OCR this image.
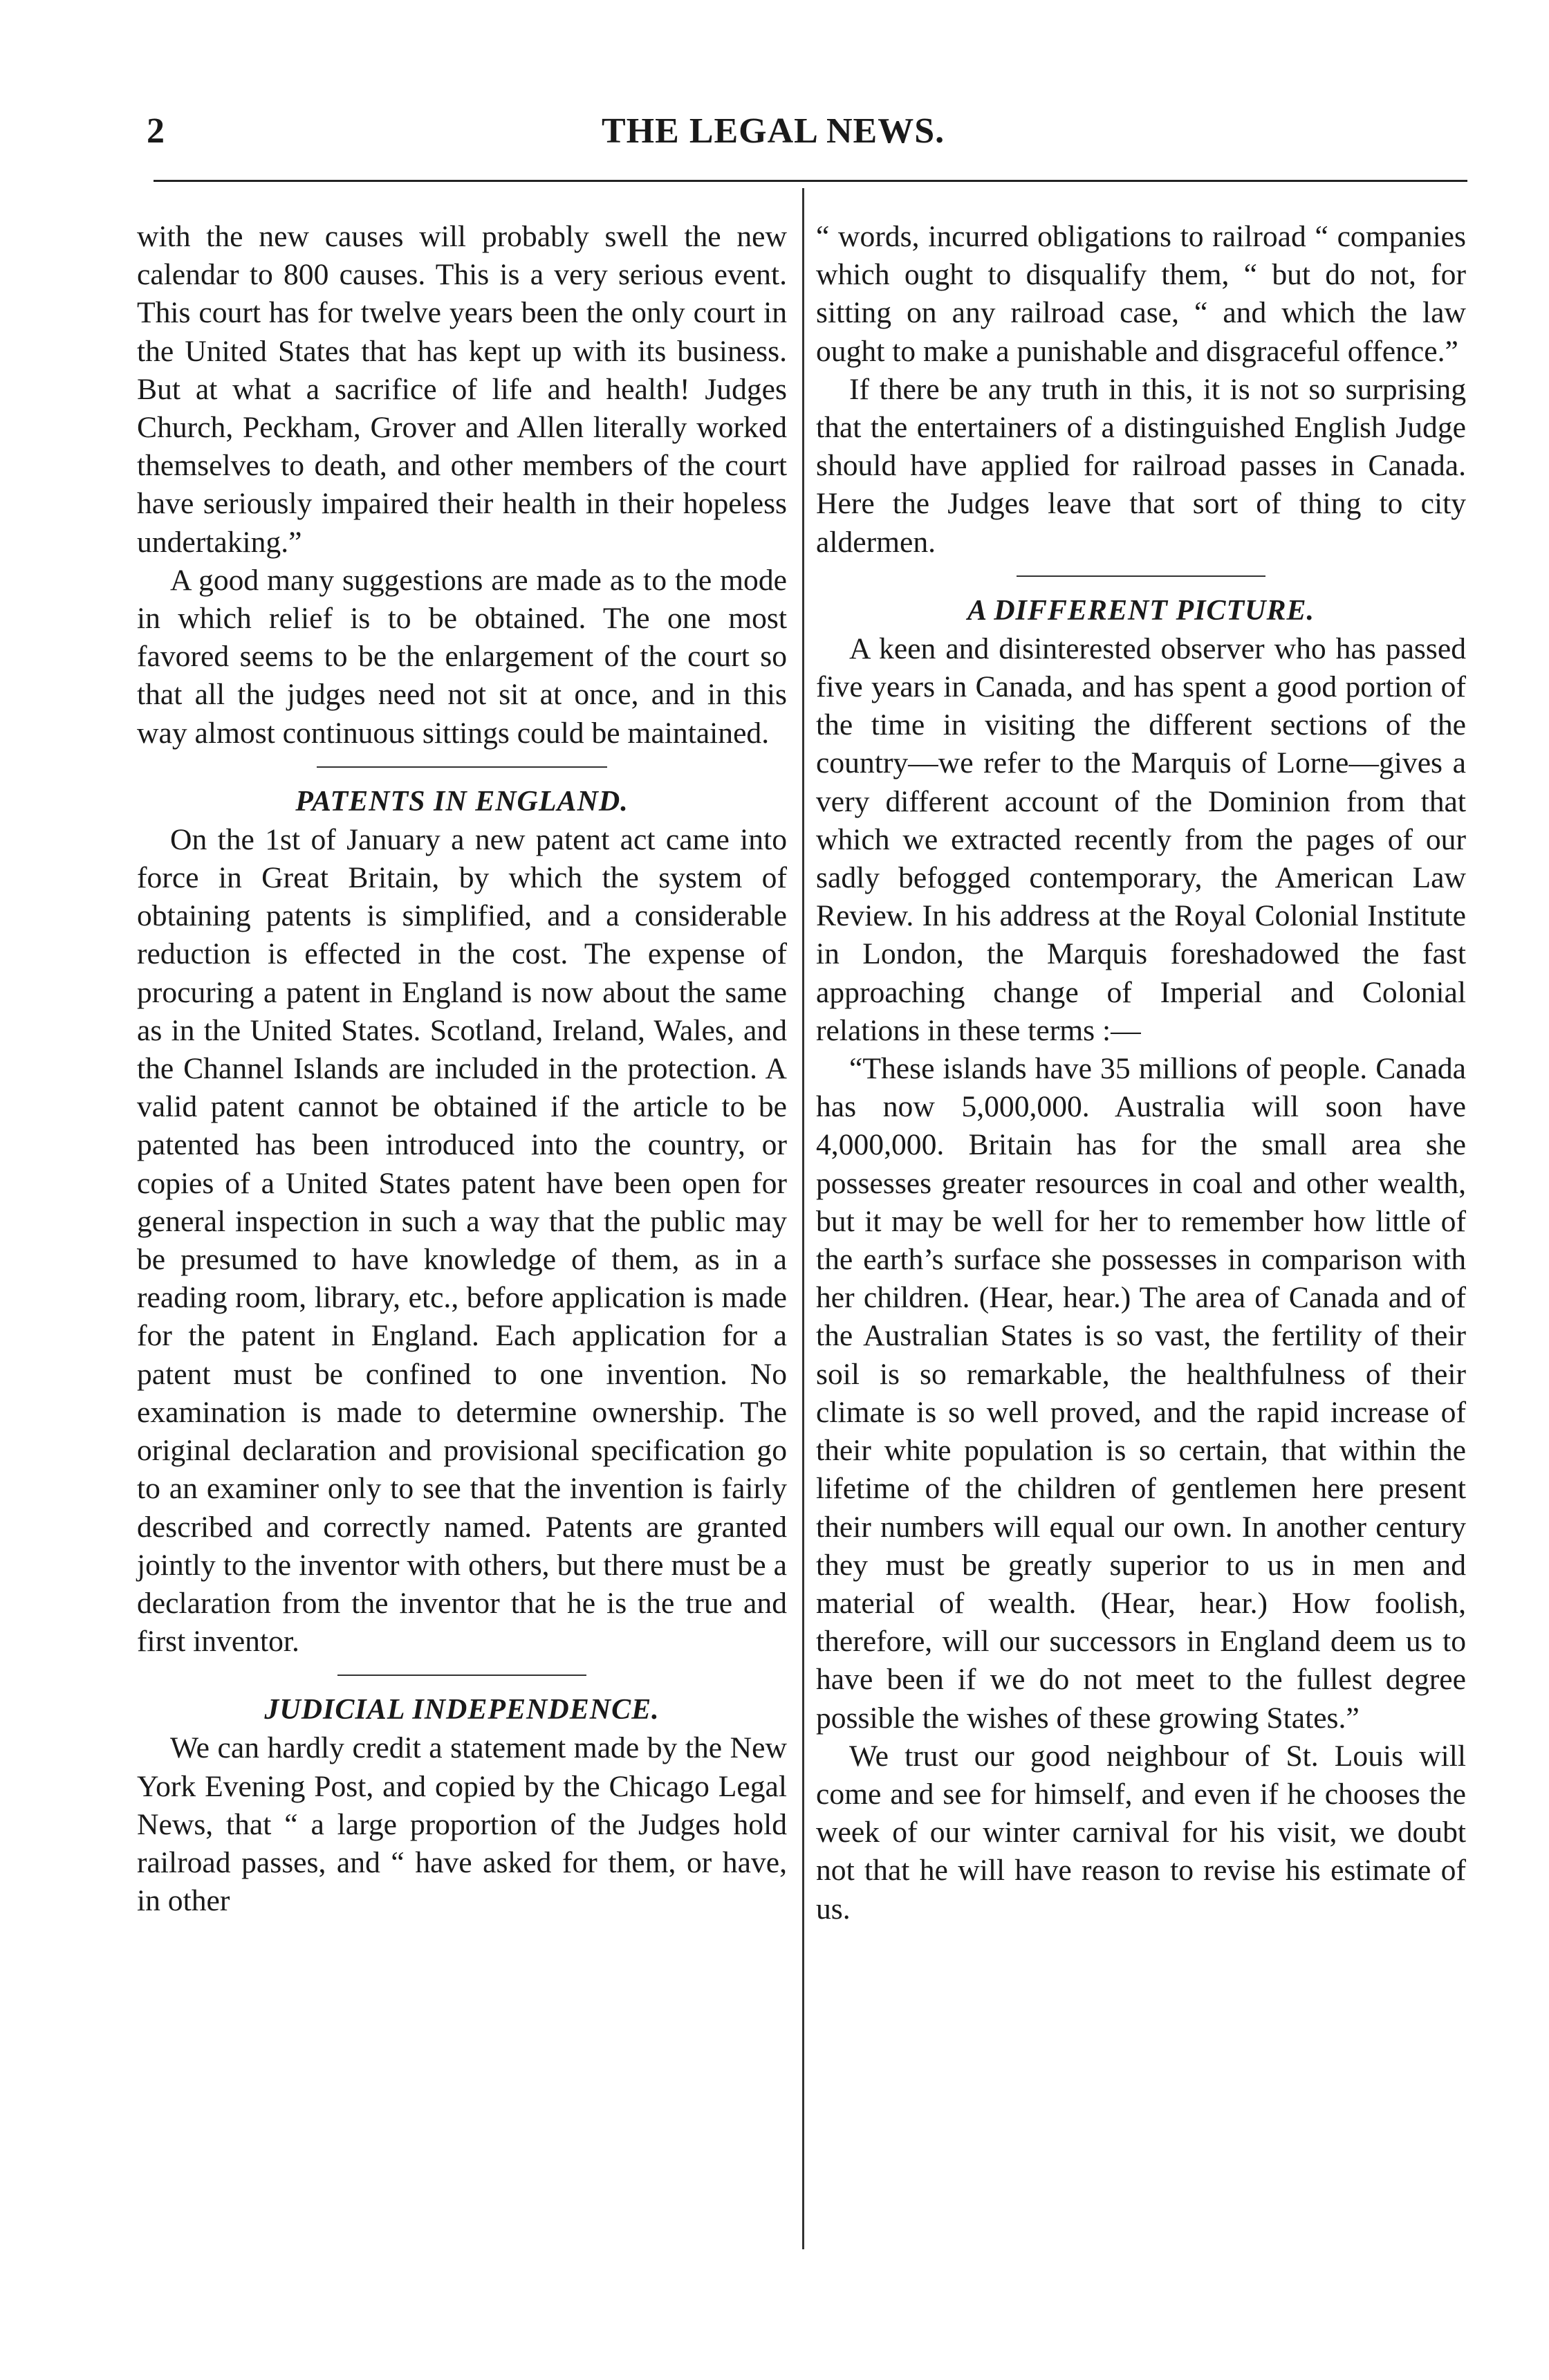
2	THE LEGAL NEWS.

with the new causes will probably swell the new calendar to 800 causes. This is a very serious event. This court has for twelve years been the only court in the United States that has kept up with its business. But at what a sacrifice of life and health! Judges Church, Peckham, Grover and Allen literally worked themselves to death, and other members of the court have seriously impaired their health in their hopeless undertaking.”

A good many suggestions are made as to the mode in which relief is to be obtained. The one most favored seems to be the enlargement of the court so that all the judges need not sit at once, and in this way almost continuous sittings could be maintained.

PATENTS IN ENGLAND.

On the 1st of January a new patent act came into force in Great Britain, by which the system of obtaining patents is simplified, and a considerable reduction is effected in the cost. The expense of procuring a patent in England is now about the same as in the United States. Scotland, Ireland, Wales, and the Channel Islands are included in the protection. A valid patent cannot be obtained if the article to be patented has been introduced into the country, or copies of a United States patent have been open for general inspection in such a way that the public may be presumed to have knowledge of them, as in a reading room, library, etc., before application is made for the patent in England. Each application for a patent must be confined to one invention. No examination is made to determine ownership. The original declaration and provisional specification go to an examiner only to see that the invention is fairly described and correctly named. Patents are granted jointly to the inventor with others, but there must be a declaration from the inventor that he is the true and first inventor.

JUDICIAL INDEPENDENCE.

We can hardly credit a statement made by the New York Evening Post, and copied by the Chicago Legal News, that “ a large proportion of the Judges hold railroad passes, and “ have asked for them, or have, in other

“ words, incurred obligations to railroad “ companies which ought to disqualify them, “ but do not, for sitting on any railroad case, “ and which the law ought to make a punishable and disgraceful offence.”

If there be any truth in this, it is not so surprising that the entertainers of a distinguished English Judge should have applied for railroad passes in Canada. Here the Judges leave that sort of thing to city aldermen.

A DIFFERENT PICTURE.

A keen and disinterested observer who has passed five years in Canada, and has spent a good portion of the time in visiting the different sections of the country—we refer to the Marquis of Lorne—gives a very different account of the Dominion from that which we extracted recently from the pages of our sadly befogged contemporary, the American Law Review. In his address at the Royal Colonial Institute in London, the Marquis foreshadowed the fast approaching change of Imperial and Colonial relations in these terms :—

“These islands have 35 millions of people. Canada has now 5,000,000. Australia will soon have 4,000,000. Britain has for the small area she possesses greater resources in coal and other wealth, but it may be well for her to remember how little of the earth’s surface she possesses in comparison with her children. (Hear, hear.) The area of Canada and of the Australian States is so vast, the fertility of their soil is so remarkable, the healthfulness of their climate is so well proved, and the rapid increase of their white population is so certain, that within the lifetime of the children of gentlemen here present their numbers will equal our own. In another century they must be greatly superior to us in men and material of wealth. (Hear, hear.) How foolish, therefore, will our successors in England deem us to have been if we do not meet to the fullest degree possible the wishes of these growing States.”

We trust our good neighbour of St. Louis will come and see for himself, and even if he chooses the week of our winter carnival for his visit, we doubt not that he will have reason to revise his estimate of us.
